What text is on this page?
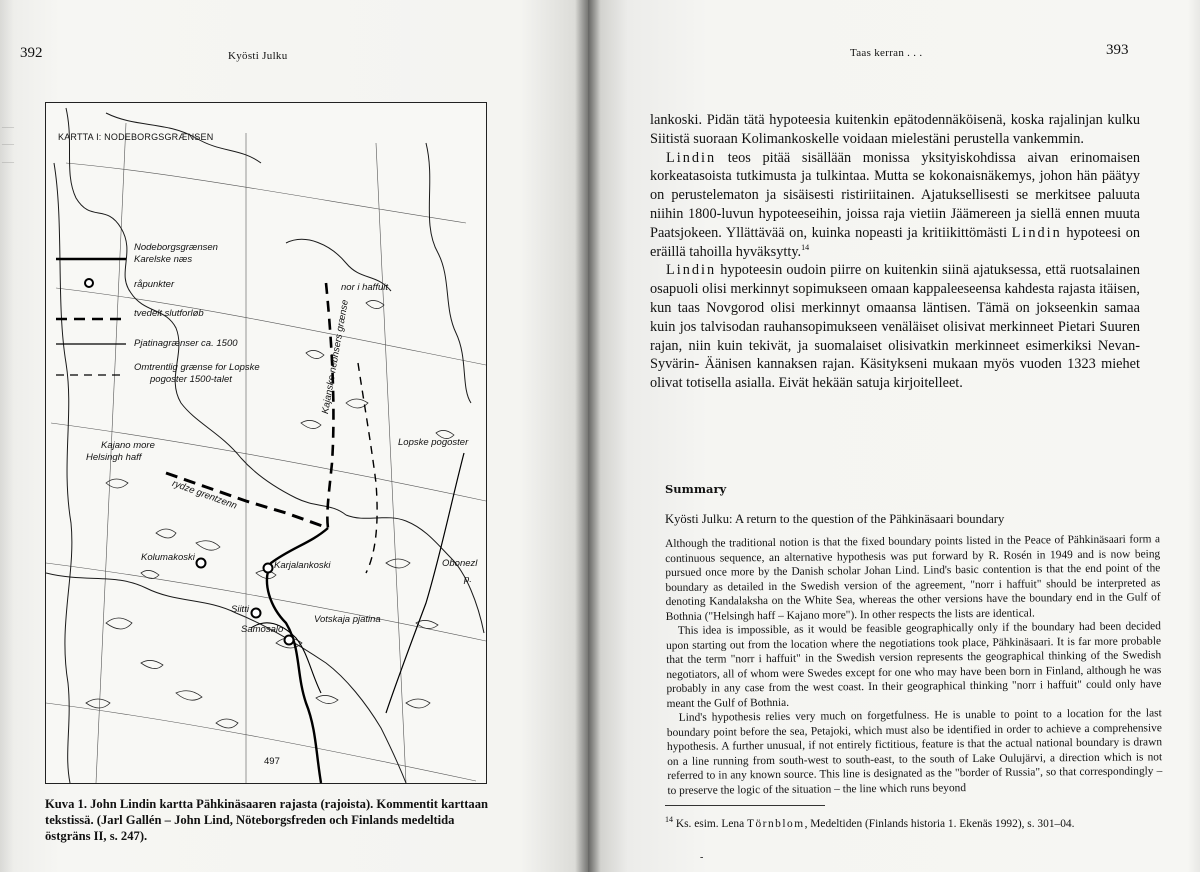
—
—
—
392	Kyösti Julku
KARTTA I: NODEBORGSGRÆNSEN
Nodeborgsgrænsen
Karelske næs
råpunkter
tvedelt slutforløb
Pjatinagrænser ca. 1500
Omtrentlig grænse for Lopske
pogoster 1500-talet
nor i haffuit
Kajanske nebhsers grænse
Lopske pogoster
Kajano more
Helsingh haff
rydze grentzenn
Kolumakoski
Karjalankoski
Siitti
Samosalo
Votskaja pjatina
Obonezl
p.
497
Kuva 1. John Lindin kartta Pähkinäsaaren rajasta (rajoista). Kommentit karttaan tekstissä. (Jarl Gallén – John Lind, Nöteborgsfreden och Finlands medeltida östgräns II, s. 247).
Taas kerran . . .	393

lankoski. Pidän tätä hypoteesia kuitenkin epätodennäköisenä, koska rajalinjan kulku Siitistä suoraan Kolimankoskelle voidaan mielestäni perustella vankemmin.

Lindin teos pitää sisällään monissa yksityiskohdissa aivan erinomaisen korkeatasoista tutkimusta ja tulkintaa. Mutta se kokonaisnäkemys, johon hän päätyy on perustelematon ja sisäisesti ristiriitainen. Ajatuksellisesti se merkitsee paluuta niihin 1800-luvun hypoteeseihin, joissa raja vietiin Jäämereen ja siellä ennen muuta Paatsjokeen. Yllättävää on, kuinka nopeasti ja kritiikittömästi Lindin hypoteesi on eräillä tahoilla hyväksytty.$^{14}$

Lindin hypoteesin oudoin piirre on kuitenkin siinä ajatuksessa, että ruotsalainen osapuoli olisi merkinnyt sopimukseen omaan kappaleeseensa kahdesta rajasta itäisen, kun taas Novgorod olisi merkinnyt omaansa läntisen. Tämä on jokseenkin samaa kuin jos talvisodan rauhansopimukseen venäläiset olisivat merkinneet Pietari Suuren rajan, niin kuin tekivät, ja suomalaiset olisivatkin merkinneet esimerkiksi Nevan-Syvärin- Äänisen kannaksen rajan. Käsitykseni mukaan myös vuoden 1323 miehet olivat totisella asialla. Eivät hekään satuja kirjoitelleet.

Summary
Kyösti Julku: A return to the question of the Pähkinäsaari boundary

Although the traditional notion is that the fixed boundary points listed in the Peace of Pähkinäsaari form a continuous sequence, an alternative hypothesis was put forward by R. Rosén in 1949 and is now being pursued once more by the Danish scholar Johan Lind. Lind's basic contention is that the end point of the boundary as detailed in the Swedish version of the agreement, "norr i haffuit" should be interpreted as denoting Kandalaksha on the White Sea, whereas the other versions have the boundary end in the Gulf of Bothnia ("Helsingh haff – Kajano more"). In other respects the lists are identical.

This idea is impossible, as it would be feasible geographically only if the boundary had been decided upon starting out from the location where the negotiations took place, Pähkinäsaari. It is far more probable that the term "norr i haffuit" in the Swedish version represents the geographical thinking of the Swedish negotiators, all of whom were Swedes except for one who may have been born in Finland, although he was probably in any case from the west coast. In their geographical thinking "norr i haffuit" could only have meant the Gulf of Bothnia.

Lind's hypothesis relies very much on forgetfulness. He is unable to point to a location for the last boundary point before the sea, Petajoki, which must also be identified in order to achieve a comprehensive hypothesis. A further unusual, if not entirely fictitious, feature is that the actual national boundary is drawn on a line running from south-west to south-east, to the south of Lake Oulujärvi, a direction which is not referred to in any known source. This line is designated as the "border of Russia", so that correspondingly – to preserve the logic of the situation – the line which runs beyond

$^{14}$ Ks. esim. Lena Törnblom, Medeltiden (Finlands historia 1. Ekenäs 1992), s. 301–04.
-
